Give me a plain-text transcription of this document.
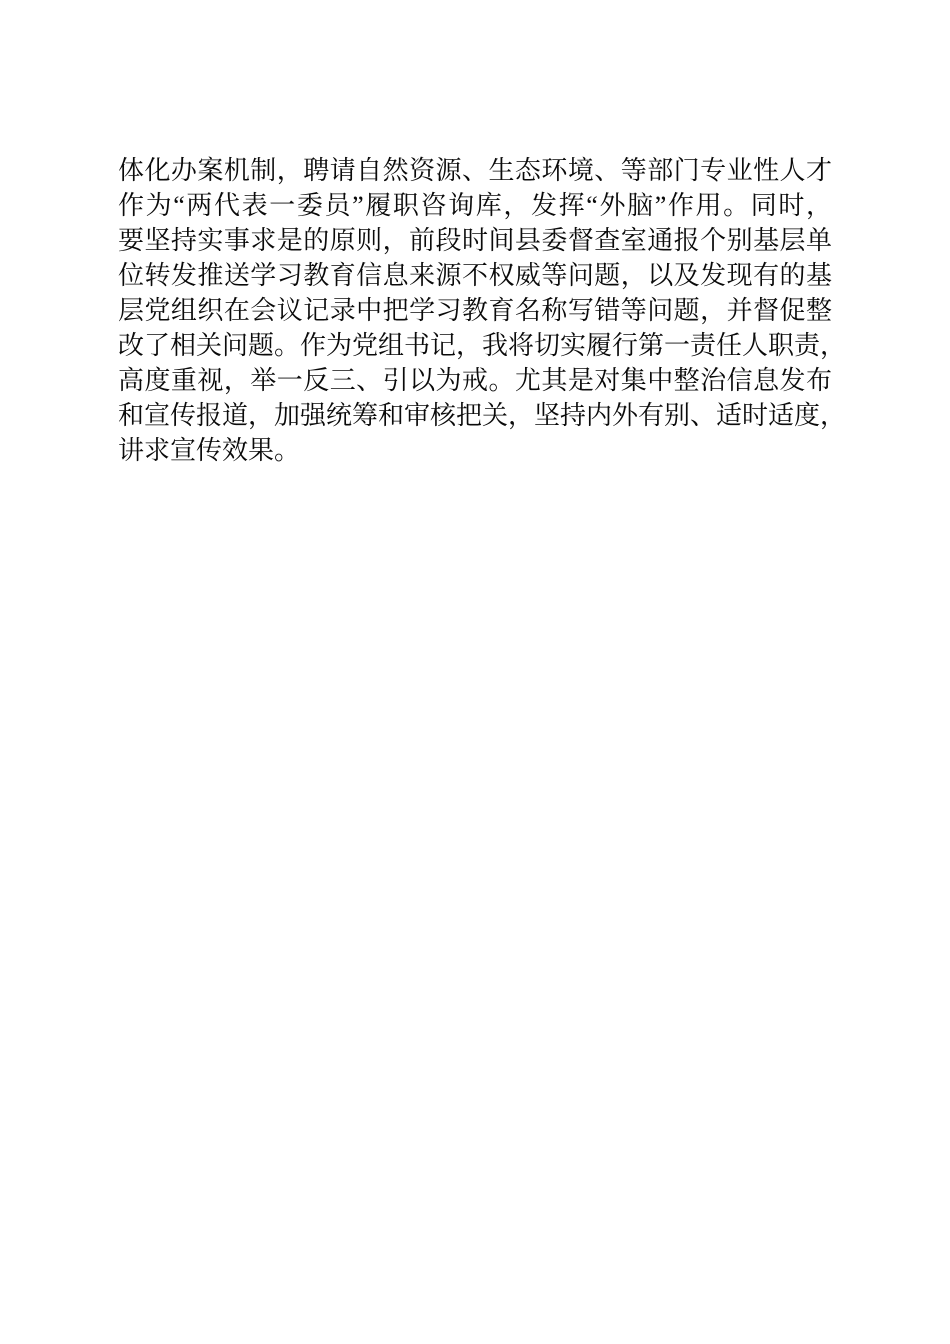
体化办案机制，聘请自然资源、生态环境、等部门专业性人才
作为“两代表一委员”履职咨询库，发挥“外脑”作用。同时，
要坚持实事求是的原则，前段时间县委督查室通报个别基层单
位转发推送学习教育信息来源不权威等问题，以及发现有的基
层党组织在会议记录中把学习教育名称写错等问题，并督促整
改了相关问题。作为党组书记，我将切实履行第一责任人职责，
高度重视，举一反三、引以为戒。尤其是对集中整治信息发布
和宣传报道，加强统筹和审核把关，坚持内外有别、适时适度，
讲求宣传效果。
